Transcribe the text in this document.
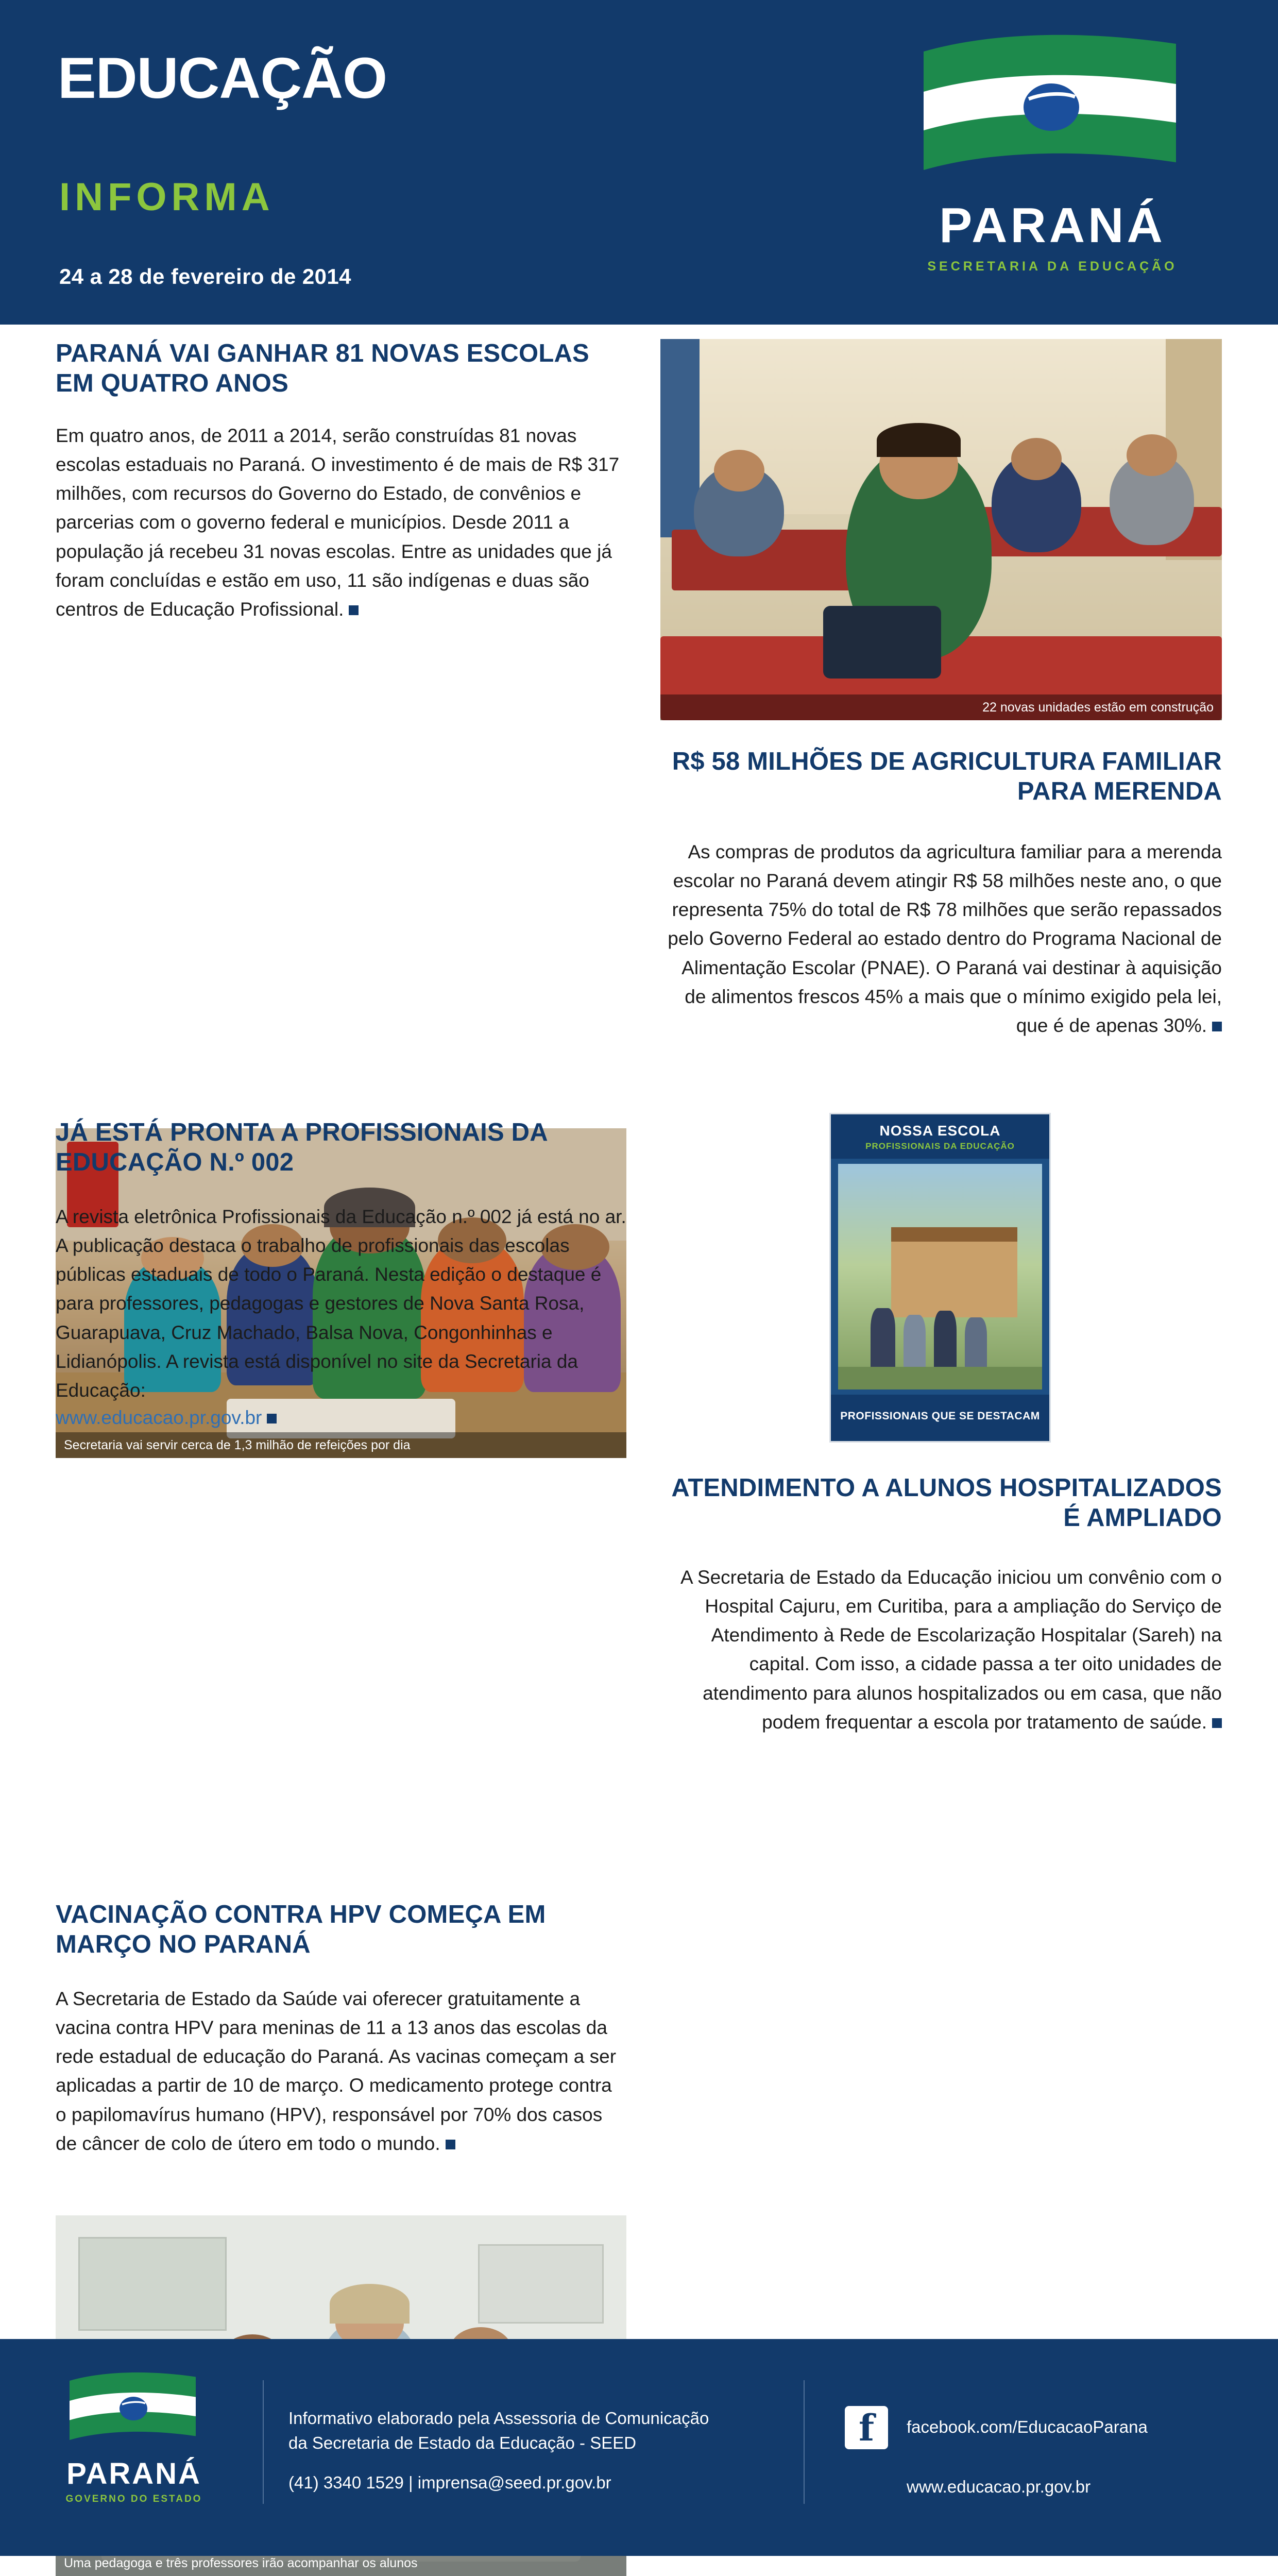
EDUCAÇÃO
INFORMA
24 a 28 de fevereiro de 2014
PARANÁ
SECRETARIA DA EDUCAÇÃO
PARANÁ VAI GANHAR 81 NOVAS ESCOLAS EM QUATRO ANOS

Em quatro anos, de 2011 a 2014, serão construídas 81 novas escolas estaduais no Paraná. O investimento é de mais de R$ 317 milhões, com recursos do Governo do Estado, de convênios e parcerias com o governo federal e municípios. Desde 2011 a população já recebeu 31 novas escolas. Entre as unidades que já foram concluídas e estão em uso, 11 são indígenas e duas são centros de Educação Profissional.

22 novas unidades estão em construção
R$ 58 MILHÕES DE AGRICULTURA FAMILIAR PARA MERENDA

As compras de produtos da agricultura familiar para a merenda escolar no Paraná devem atingir R$ 58 milhões neste ano, o que representa 75% do total de R$ 78 milhões que serão repassados pelo Governo Federal ao estado dentro do Programa Nacional de Alimentação Escolar (PNAE). O Paraná vai destinar à aquisição de alimentos frescos 45% a mais que o mínimo exigido pela lei, que é de apenas 30%.

Secretaria vai servir cerca de 1,3 milhão de refeições por dia
JÁ ESTÁ PRONTA A PROFISSIONAIS DA EDUCAÇÃO N.º 002

A revista eletrônica Profissionais da Educação n.º 002 já está no ar. A publicação destaca o trabalho de profissionais das escolas públicas estaduais de todo o Paraná. Nesta edição o destaque é para professores, pedagogas e gestores de Nova Santa Rosa, Guarapuava, Cruz Machado, Balsa Nova, Congonhinhas e Lidianópolis. A revista está disponível no site da Secretaria da Educação:

www.educacao.pr.gov.br

NOSSA ESCOLA
PROFISSIONAIS DA EDUCAÇÃO
PROFISSIONAIS QUE SE DESTACAM
ATENDIMENTO A ALUNOS HOSPITALIZADOS É AMPLIADO

A Secretaria de Estado da Educação iniciou um convênio com o Hospital Cajuru, em Curitiba, para a ampliação do Serviço de Atendimento à Rede de Escolarização Hospitalar (Sareh) na capital. Com isso, a cidade passa a ter oito unidades de atendimento para alunos hospitalizados ou em casa, que não podem frequentar a escola por tratamento de saúde.

Uma pedagoga e três professores irão acompanhar os alunos
VACINAÇÃO CONTRA HPV COMEÇA EM MARÇO NO PARANÁ

A Secretaria de Estado da Saúde vai oferecer gratuitamente a vacina contra HPV para meninas de 11 a 13 anos das escolas da rede estadual de educação do Paraná. As vacinas começam a ser aplicadas a partir de 10 de março. O medicamento protege contra o papilomavírus humano (HPV), responsável por 70% dos casos de câncer de colo de útero em todo o mundo.

PARANÁ
GOVERNO DO ESTADO
Informativo elaborado pela Assessoria de Comunicação
da Secretaria de Estado da Educação - SEED
(41) 3340 1529 | imprensa@seed.pr.gov.br
f	facebook.com/EducacaoParana
www.educacao.pr.gov.br
